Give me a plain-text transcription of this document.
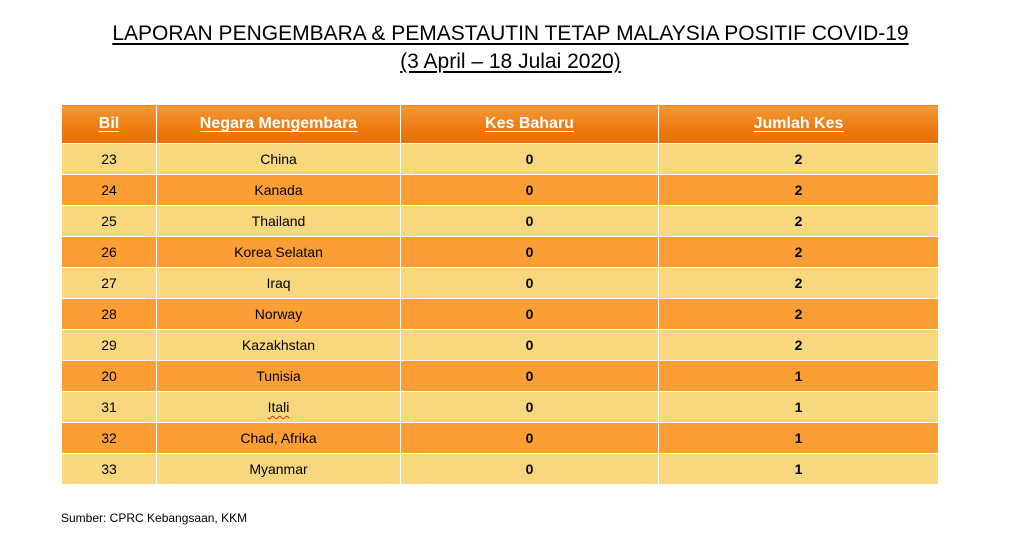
LAPORAN PENGEMBARA & PEMASTAUTIN TETAP MALAYSIA POSITIF COVID-19
(3 April – 18 Julai 2020)
Bil	Negara Mengembara	Kes Baharu	Jumlah Kes
23	China	0	2
24	Kanada	0	2
25	Thailand	0	2
26	Korea Selatan	0	2
27	Iraq	0	2
28	Norway	0	2
29	Kazakhstan	0	2
20	Tunisia	0	1
31	Itali	0	1
32	Chad, Afrika	0	1
33	Myanmar	0	1
Sumber: CPRC Kebangsaan, KKM
